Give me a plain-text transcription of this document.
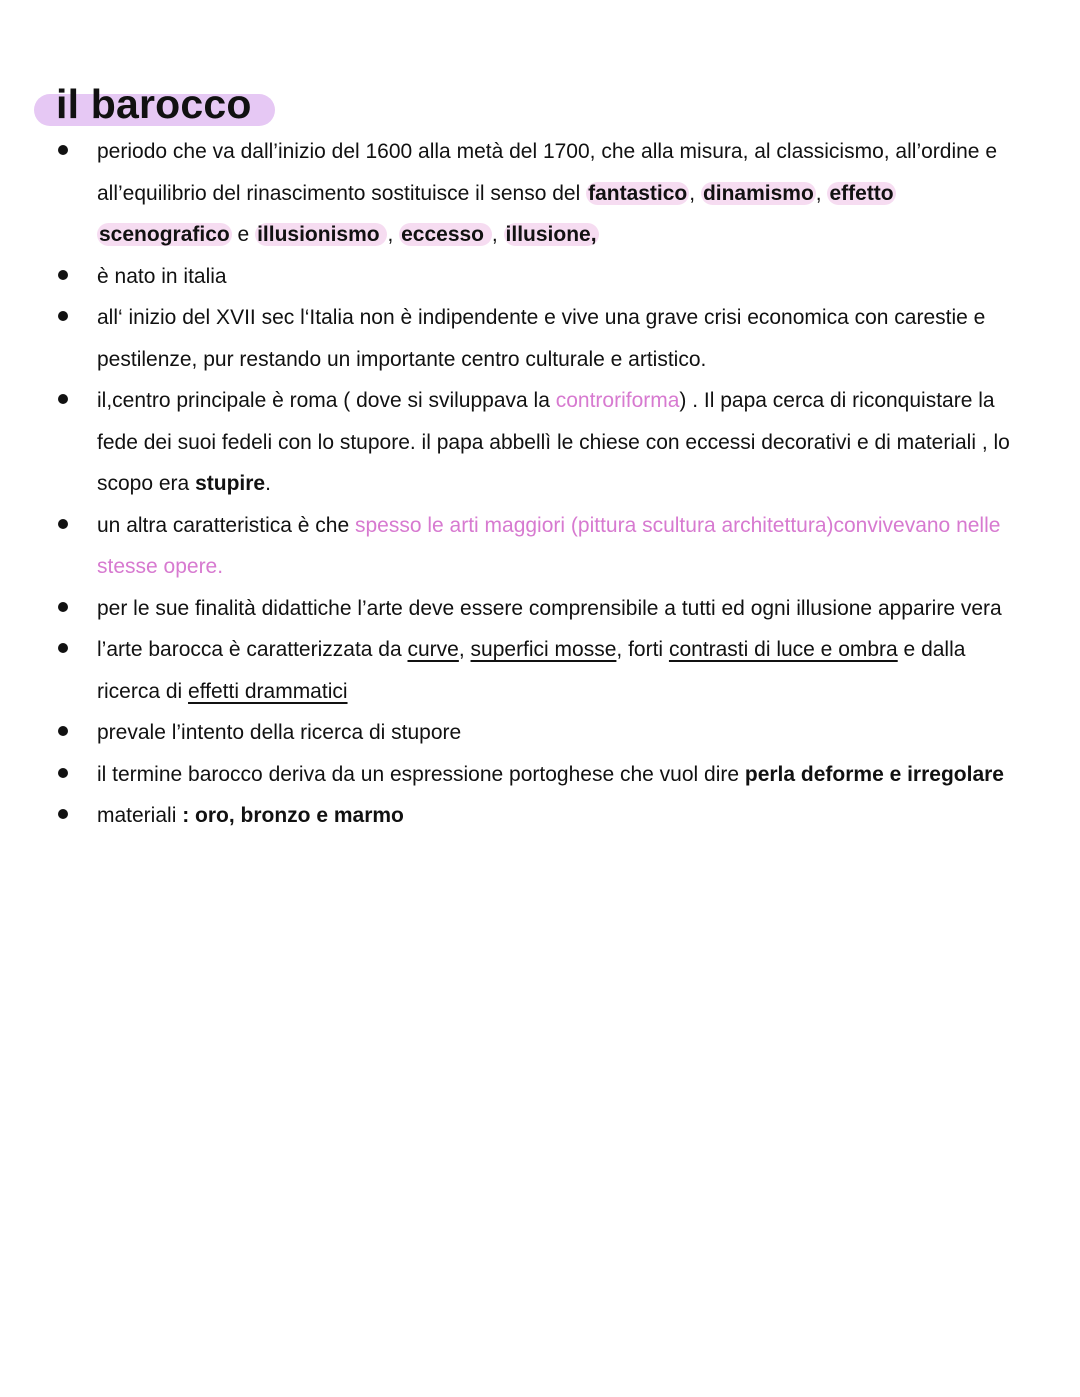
il barocco
periodo che va dall’inizio del 1600 alla metà del 1700, che alla misura, al classicismo, all’ordine e all’equilibrio del rinascimento sostituisce il senso del fantastico, dinamismo, effetto scenografico e illusionismo , eccesso , illusione,
è nato in italia
all‘ inizio del XVII sec l‘Italia non è indipendente e vive una grave crisi economica con carestie e pestilenze, pur restando un importante centro culturale e artistico.
il,centro principale è roma ( dove si sviluppava la controriforma) . Il papa cerca di riconquistare la fede dei suoi fedeli con lo stupore. il papa abbellì le chiese con eccessi decorativi e di materiali , lo scopo era stupire.
un altra caratteristica è che spesso le arti maggiori (pittura scultura architettura)convivevano nelle stesse opere.
per le sue finalità didattiche l’arte deve essere comprensibile a tutti ed ogni illusione apparire vera
l’arte barocca è caratterizzata da curve, superfici mosse, forti contrasti di luce e ombra e dalla ricerca di effetti drammatici
prevale l’intento della ricerca di stupore
il termine barocco deriva da un espressione portoghese che vuol dire perla deforme e irregolare
materiali : oro, bronzo e marmo
